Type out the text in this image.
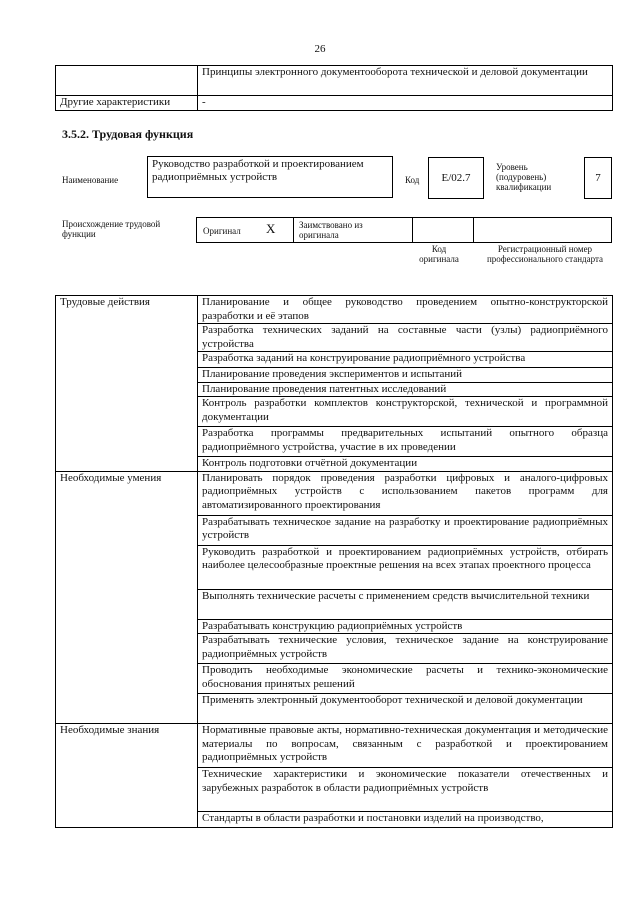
26
	Принципы электронного документооборота технической и деловой документации
Другие характеристики	-
3.5.2. Трудовая функция
Наименование
Руководство разработкой и проектированием радиоприёмных устройств	Код E/02.7
Уровень (подуровень) квалификации
7
Происхождение трудовой функции	Оригинал X	Заимствовано из оригинала
Код оригинала
Регистрационный номер профессионального стандарта
Трудовые действия	Планирование и общее руководство проведением опытно-конструкторской разработки и её этапов
	Разработка технических заданий на составные части (узлы) радиоприёмного устройства
	Разработка заданий на конструирование радиоприёмного устройства
	Планирование проведения экспериментов и испытаний
	Планирование проведения патентных исследований
	Контроль разработки комплектов конструкторской, технической и программной документации
	Разработка программы предварительных испытаний опытного образца радиоприёмного устройства, участие в их проведении
	Контроль подготовки отчётной документации
Необходимые умения	Планировать порядок проведения разработки цифровых и аналого-цифровых радиоприёмных устройств с использованием пакетов программ для автоматизированного проектирования
	Разрабатывать техническое задание на разработку и проектирование радиоприёмных устройств
	Руководить разработкой и проектированием радиоприёмных устройств, отбирать наиболее целесообразные проектные решения на всех этапах проектного процесса
	Выполнять технические расчеты с применением средств вычислительной техники
	Разрабатывать конструкцию радиоприёмных устройств
	Разрабатывать технические условия, техническое задание на конструирование радиоприёмных устройств
	Проводить необходимые экономические расчеты и технико-экономические обоснования принятых решений
	Применять электронный документооборот технической и деловой документации
Необходимые знания	Нормативные правовые акты, нормативно-техническая документация и методические материалы по вопросам, связанным с разработкой и проектированием радиоприёмных устройств
	Технические характеристики и экономические показатели отечественных и зарубежных разработок в области радиоприёмных устройств
	Стандарты в области разработки и постановки изделий на производство,
